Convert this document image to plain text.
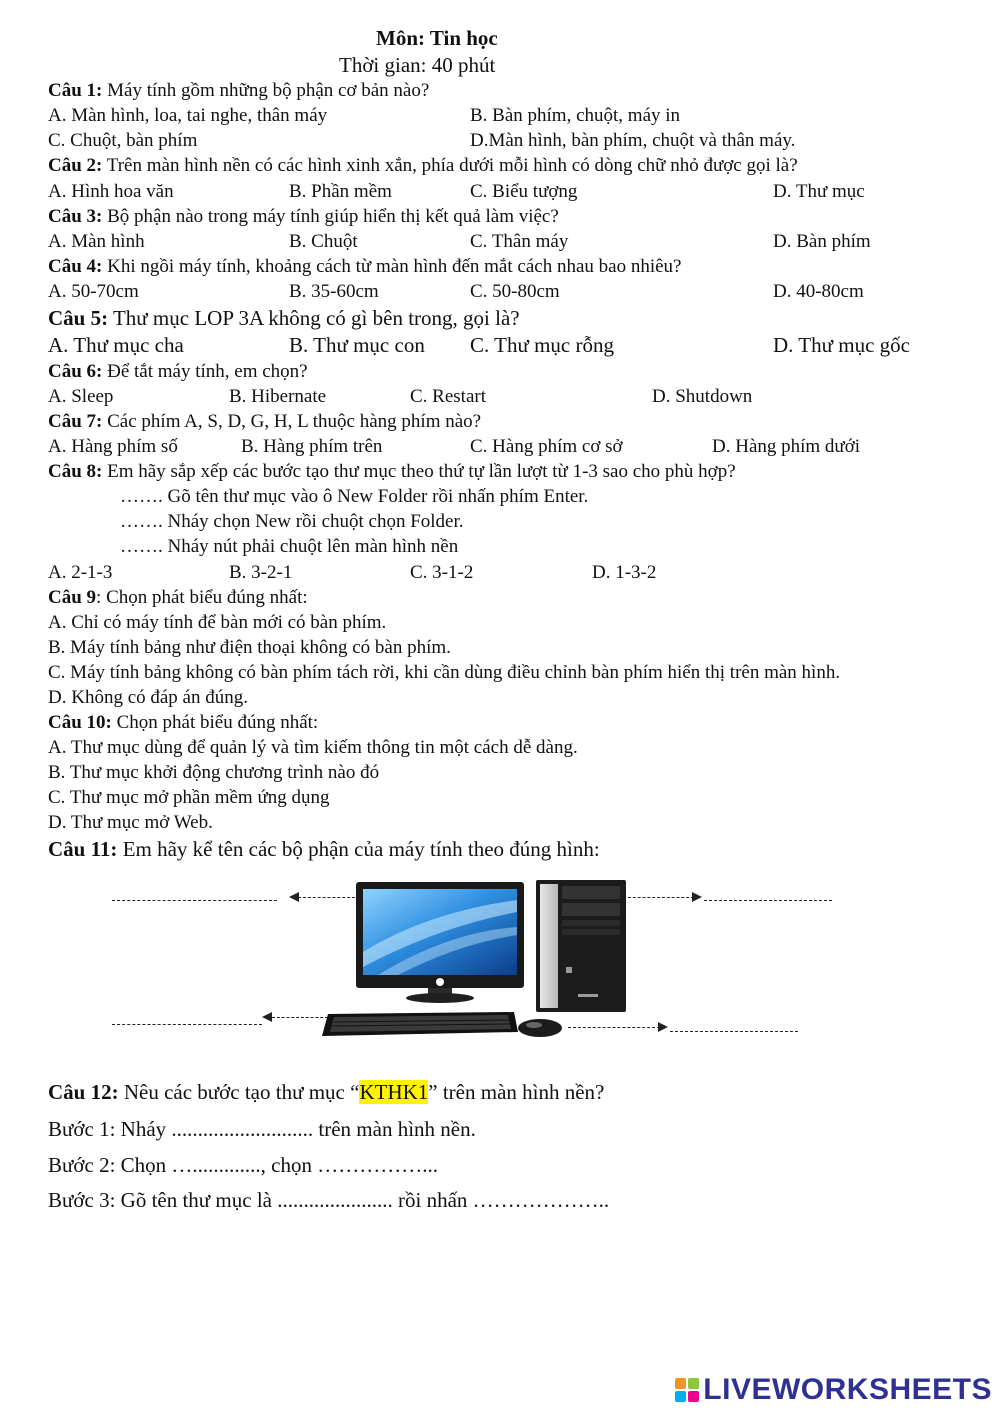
Môn: Tin học
Thời gian: 40 phút
Câu 1: Máy tính gồm những bộ phận cơ bản nào?
A. Màn hình, loa, tai nghe, thân máy	B. Bàn phím, chuột, máy in
C. Chuột, bàn phím	D.Màn hình, bàn phím, chuột và thân máy.
Câu 2: Trên màn hình nền có các hình xinh xắn, phía dưới mỗi hình có dòng chữ nhỏ được gọi là?
A. Hình hoa văn	B. Phần mềm	C. Biểu tượng	D. Thư mục
Câu 3: Bộ phận nào trong máy tính giúp hiển thị kết quả làm việc?
A. Màn hình	B. Chuột	C. Thân máy	D. Bàn phím
Câu 4: Khi ngồi máy tính, khoảng cách từ màn hình đến mắt cách nhau bao nhiêu?
A. 50-70cm	B. 35-60cm	C. 50-80cm	D. 40-80cm
Câu 5: Thư mục LOP 3A không có gì bên trong, gọi là?
A. Thư mục cha	B. Thư mục con C. Thư mục rỗng	D. Thư mục gốc
Câu 6: Để tắt máy tính, em chọn?
A. Sleep	B. Hibernate	C. Restart	D. Shutdown
Câu 7: Các phím A, S, D, G, H, L thuộc hàng phím nào?
A. Hàng phím số	B. Hàng phím trên	C. Hàng phím cơ sở	D. Hàng phím dưới
Câu 8: Em hãy sắp xếp các bước tạo thư mục theo thứ tự lần lượt từ 1-3 sao cho phù hợp?
……. Gõ tên thư mục vào ô New Folder rồi nhấn phím Enter.
……. Nháy chọn New rồi chuột chọn Folder.
……. Nháy nút phải chuột lên màn hình nền
A. 2-1-3	B. 3-2-1	C. 3-1-2	D. 1-3-2
Câu 9: Chọn phát biểu đúng nhất:
A. Chỉ có máy tính để bàn mới có bàn phím.
B. Máy tính bảng như điện thoại không có bàn phím.
C. Máy tính bảng không có bàn phím tách rời, khi cần dùng điều chỉnh bàn phím hiển thị trên màn hình.
D. Không có đáp án đúng.
Câu 10: Chọn phát biểu đúng nhất:
A. Thư mục dùng để quản lý và tìm kiếm thông tin một cách dễ dàng.
B. Thư mục khởi động chương trình nào đó
C. Thư mục mở phần mềm ứng dụng
D. Thư mục mở Web.
Câu 11: Em hãy kể tên các bộ phận của máy tính theo đúng hình:
Câu 12: Nêu các bước tạo thư mục “KTHK1” trên màn hình nền?
Bước 1: Nháy ........................... trên màn hình nền.
Bước 2: Chọn …............., chọn ……………...
Bước 3: Gõ tên thư mục là ...................... rồi nhấn ………………..
LIVEWORKSHEETS
